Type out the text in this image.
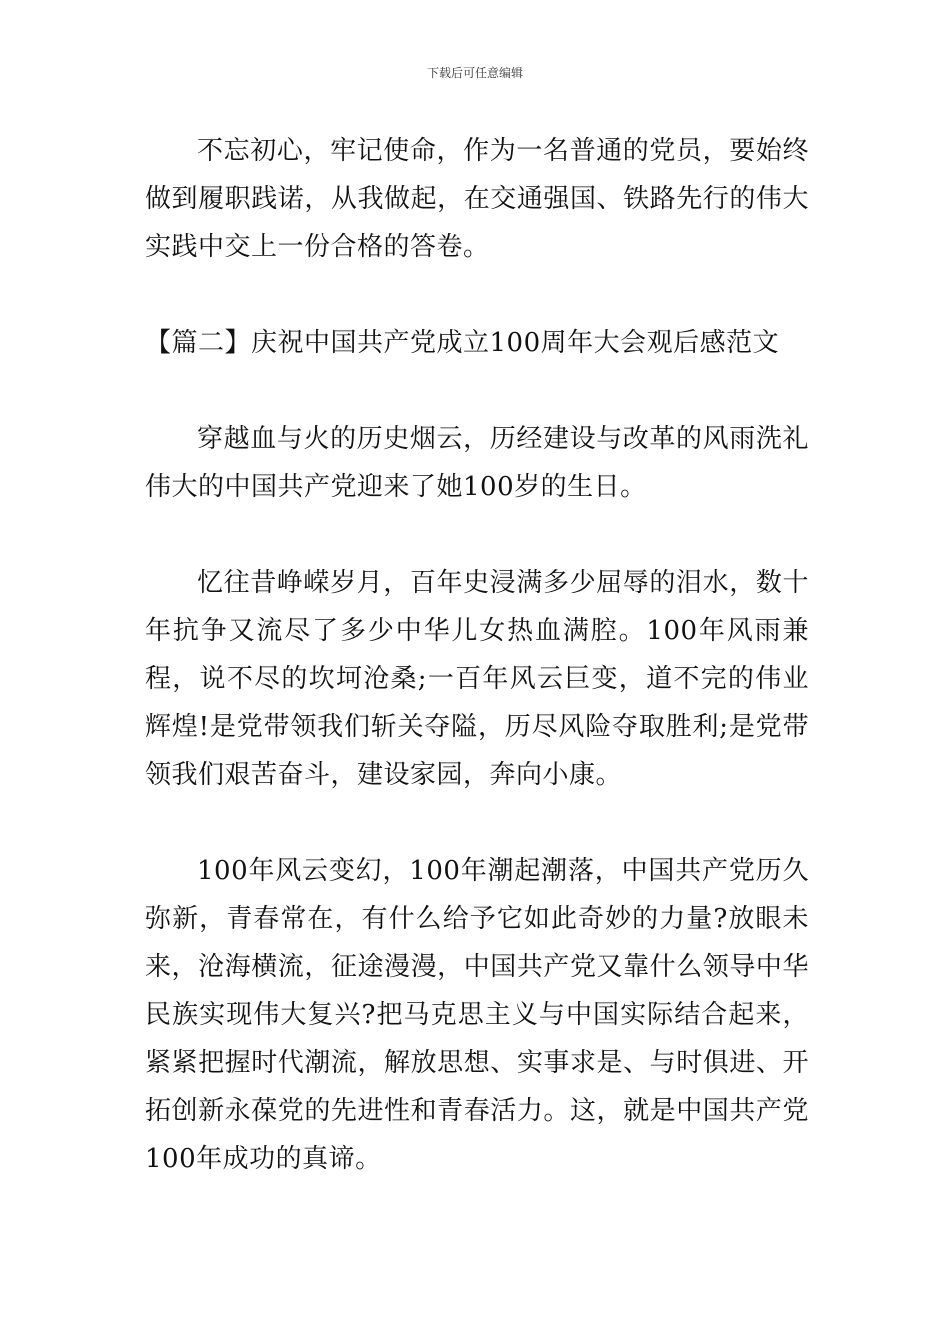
下载后可任意编辑

不忘初心，牢记使命，作为一名普通的党员，要始终做到履职践诺，从我做起，在交通强国、铁路先行的伟大实践中交上一份合格的答卷。

【篇二】庆祝中国共产党成立100周年大会观后感范文

穿越血与火的历史烟云，历经建设与改革的风雨洗礼伟大的中国共产党迎来了她100岁的生日。

忆往昔峥嵘岁月，百年史浸满多少屈辱的泪水，数十年抗争又流尽了多少中华儿女热血满腔。100年风雨兼程，说不尽的坎坷沧桑;一百年风云巨变，道不完的伟业辉煌!是党带领我们斩关夺隘，历尽风险夺取胜利;是党带领我们艰苦奋斗，建设家园，奔向小康。

100年风云变幻，100年潮起潮落，中国共产党历久弥新，青春常在，有什么给予它如此奇妙的力量?放眼未来，沧海横流，征途漫漫，中国共产党又靠什么领导中华民族实现伟大复兴?把马克思主义与中国实际结合起来，紧紧把握时代潮流，解放思想、实事求是、与时俱进、开拓创新永葆党的先进性和青春活力。这，就是中国共产党100年成功的真谛。
